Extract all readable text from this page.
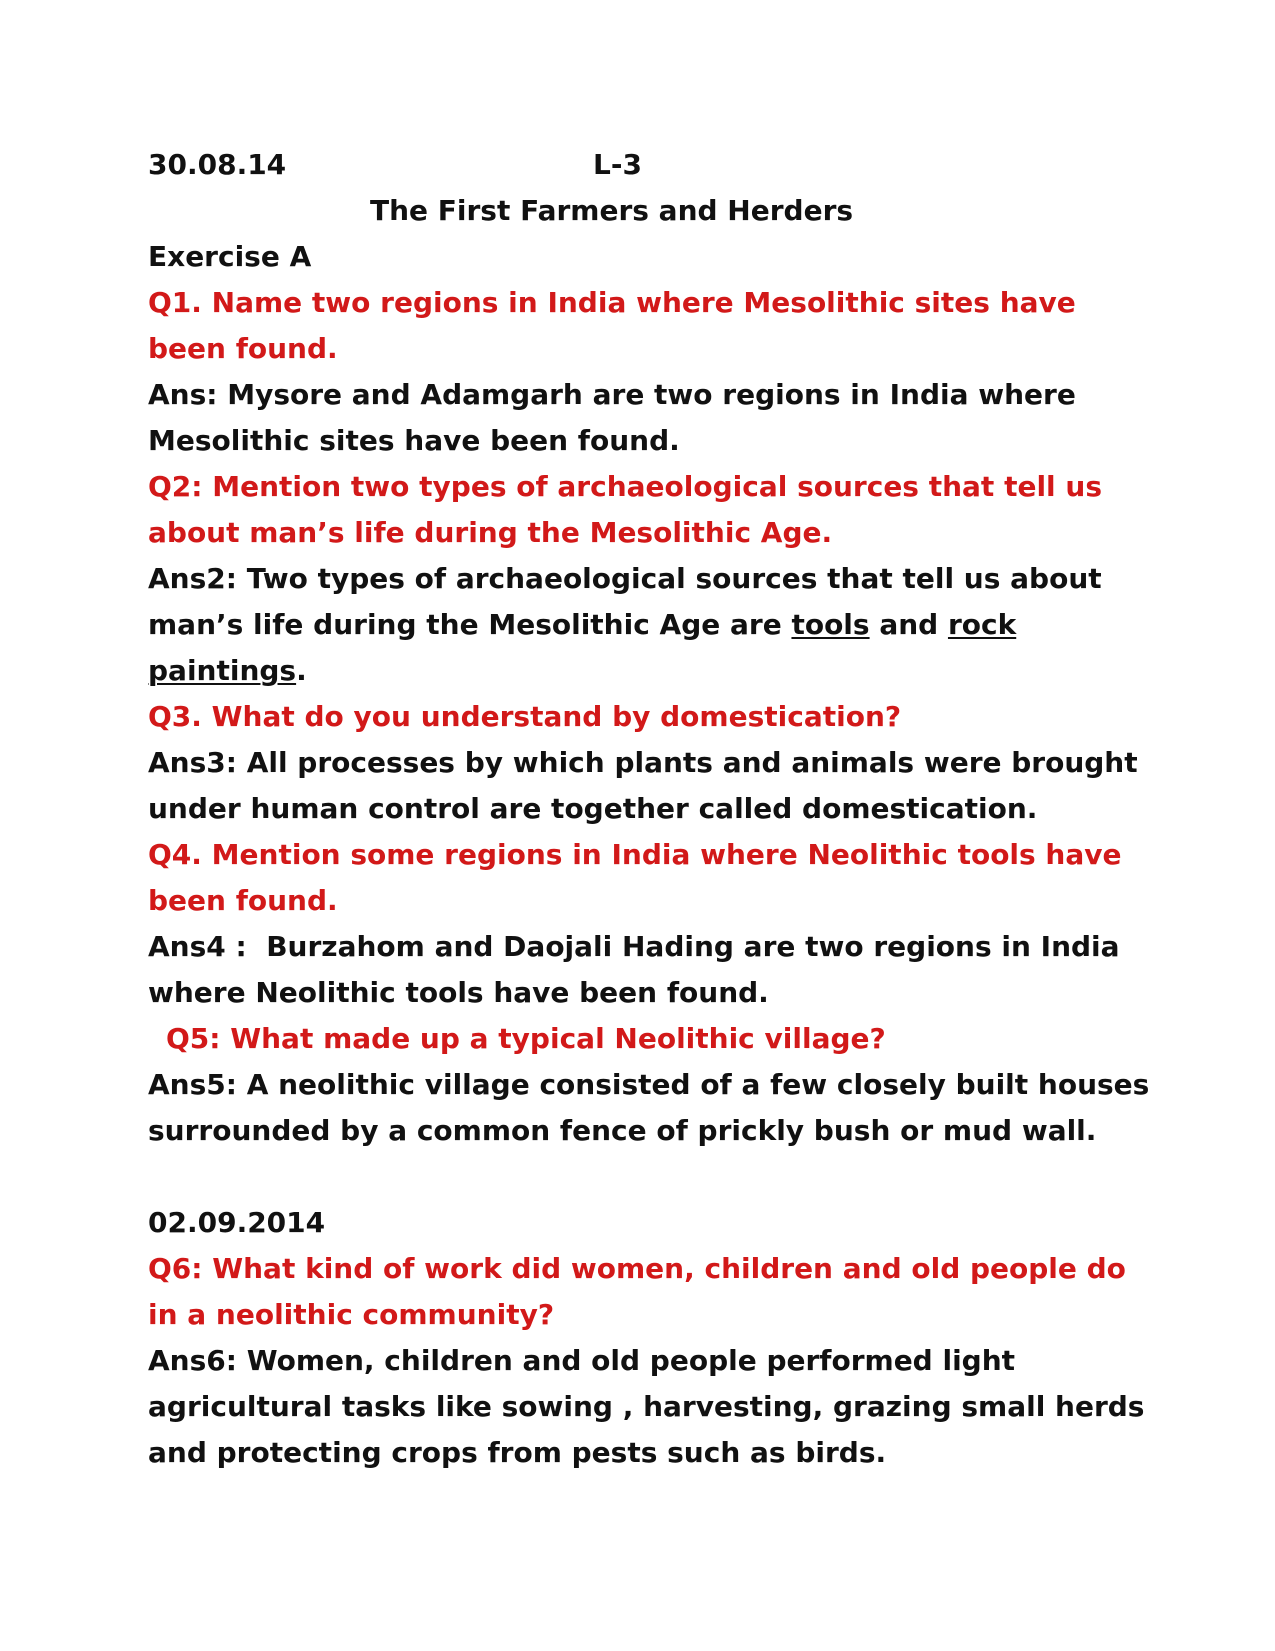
30.08.14	L-3
The First Farmers and Herders
Exercise A
Q1. Name two regions in India where Mesolithic sites have
been found.
Ans: Mysore and Adamgarh are two regions in India where
Mesolithic sites have been found.
Q2: Mention two types of archaeological sources that tell us
about man’s life during the Mesolithic Age.
Ans2: Two types of archaeological sources that tell us about
man’s life during the Mesolithic Age are tools and rock
paintings.
Q3. What do you understand by domestication?
Ans3: All processes by which plants and animals were brought
under human control are together called domestication.
Q4. Mention some regions in India where Neolithic tools have
been found.
Ans4 :  Burzahom and Daojali Hading are two regions in India
where Neolithic tools have been found.
Q5: What made up a typical Neolithic village?
Ans5: A neolithic village consisted of a few closely built houses
surrounded by a common fence of prickly bush or mud wall.
02.09.2014
Q6: What kind of work did women, children and old people do
in a neolithic community?
Ans6: Women, children and old people performed light
agricultural tasks like sowing , harvesting, grazing small herds
and protecting crops from pests such as birds.
